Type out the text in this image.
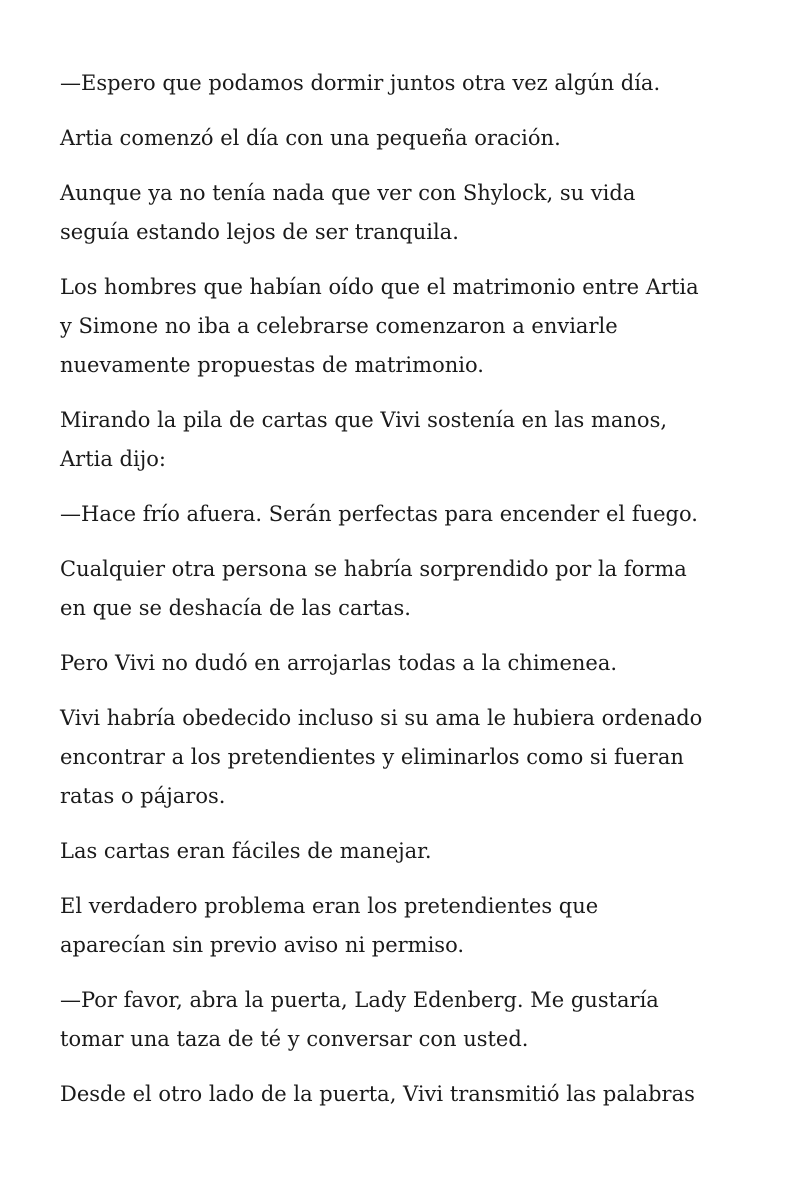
—Espero que podamos dormir juntos otra vez algún día.

Artia comenzó el día con una pequeña oración.

Aunque ya no tenía nada que ver con Shylock, su vida
seguía estando lejos de ser tranquila.

Los hombres que habían oído que el matrimonio entre Artia
y Simone no iba a celebrarse comenzaron a enviarle
nuevamente propuestas de matrimonio.

Mirando la pila de cartas que Vivi sostenía en las manos,
Artia dijo:

—Hace frío afuera. Serán perfectas para encender el fuego.

Cualquier otra persona se habría sorprendido por la forma
en que se deshacía de las cartas.

Pero Vivi no dudó en arrojarlas todas a la chimenea.

Vivi habría obedecido incluso si su ama le hubiera ordenado
encontrar a los pretendientes y eliminarlos como si fueran
ratas o pájaros.

Las cartas eran fáciles de manejar.

El verdadero problema eran los pretendientes que
aparecían sin previo aviso ni permiso.

—Por favor, abra la puerta, Lady Edenberg. Me gustaría
tomar una taza de té y conversar con usted.

Desde el otro lado de la puerta, Vivi transmitió las palabras
